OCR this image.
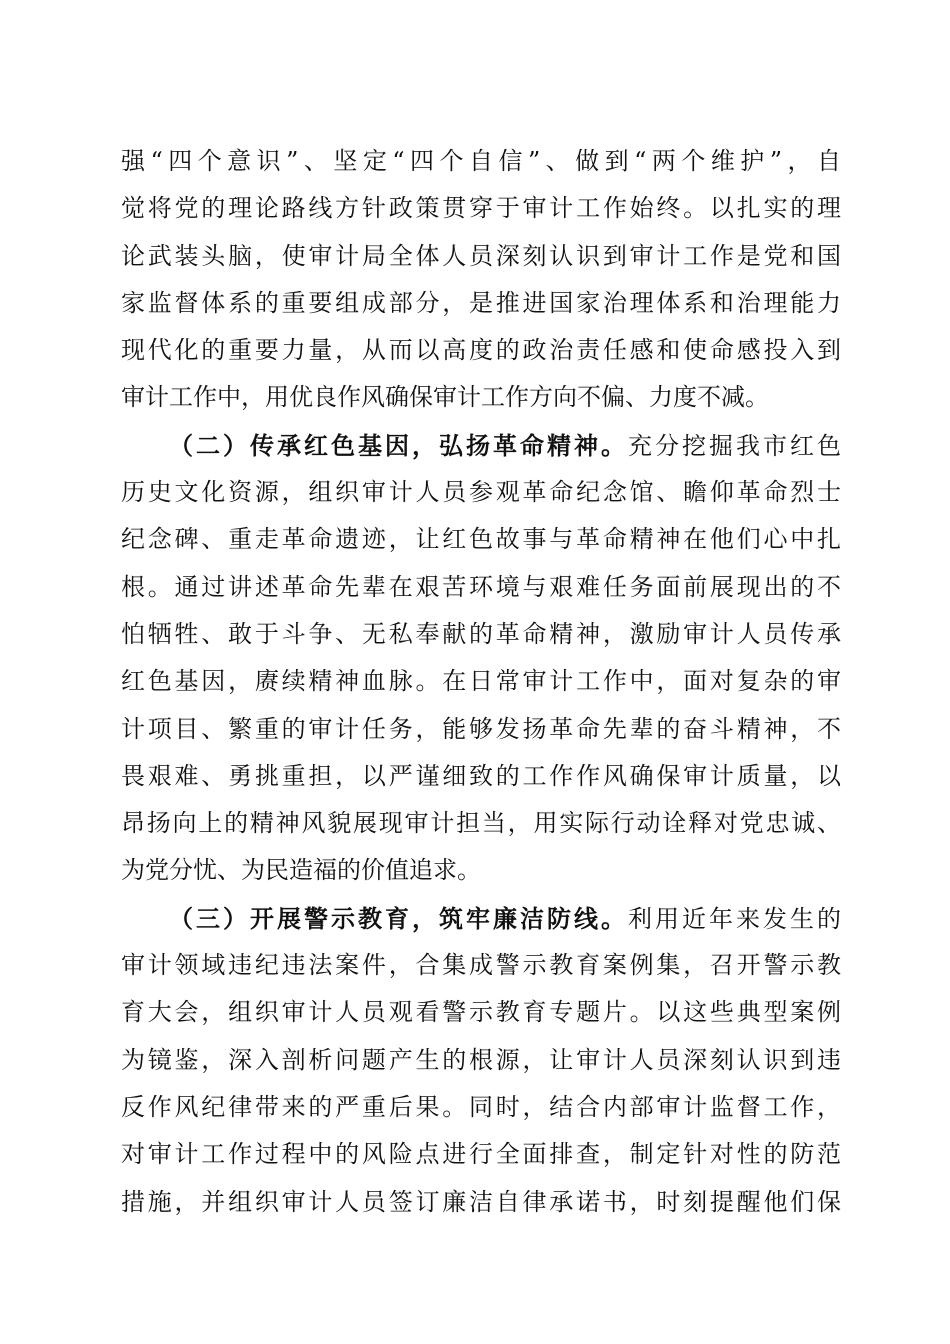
强“四个意识”、坚定“四个自信”、做到“两个维护”，自
觉将党的理论路线方针政策贯穿于审计工作始终。以扎实的理
论武装头脑，使审计局全体人员深刻认识到审计工作是党和国
家监督体系的重要组成部分，是推进国家治理体系和治理能力
现代化的重要力量，从而以高度的政治责任感和使命感投入到
审计工作中，用优良作风确保审计工作方向不偏、力度不减。
（二）传承红色基因，弘扬革命精神。充分挖掘我市红色
历史文化资源，组织审计人员参观革命纪念馆、瞻仰革命烈士
纪念碑、重走革命遗迹，让红色故事与革命精神在他们心中扎
根。通过讲述革命先辈在艰苦环境与艰难任务面前展现出的不
怕牺牲、敢于斗争、无私奉献的革命精神，激励审计人员传承
红色基因，赓续精神血脉。在日常审计工作中，面对复杂的审
计项目、繁重的审计任务，能够发扬革命先辈的奋斗精神，不
畏艰难、勇挑重担，以严谨细致的工作作风确保审计质量，以
昂扬向上的精神风貌展现审计担当，用实际行动诠释对党忠诚、
为党分忧、为民造福的价值追求。
（三）开展警示教育，筑牢廉洁防线。利用近年来发生的
审计领域违纪违法案件，合集成警示教育案例集，召开警示教
育大会，组织审计人员观看警示教育专题片。以这些典型案例
为镜鉴，深入剖析问题产生的根源，让审计人员深刻认识到违
反作风纪律带来的严重后果。同时，结合内部审计监督工作，
对审计工作过程中的风险点进行全面排查，制定针对性的防范
措施，并组织审计人员签订廉洁自律承诺书，时刻提醒他们保
